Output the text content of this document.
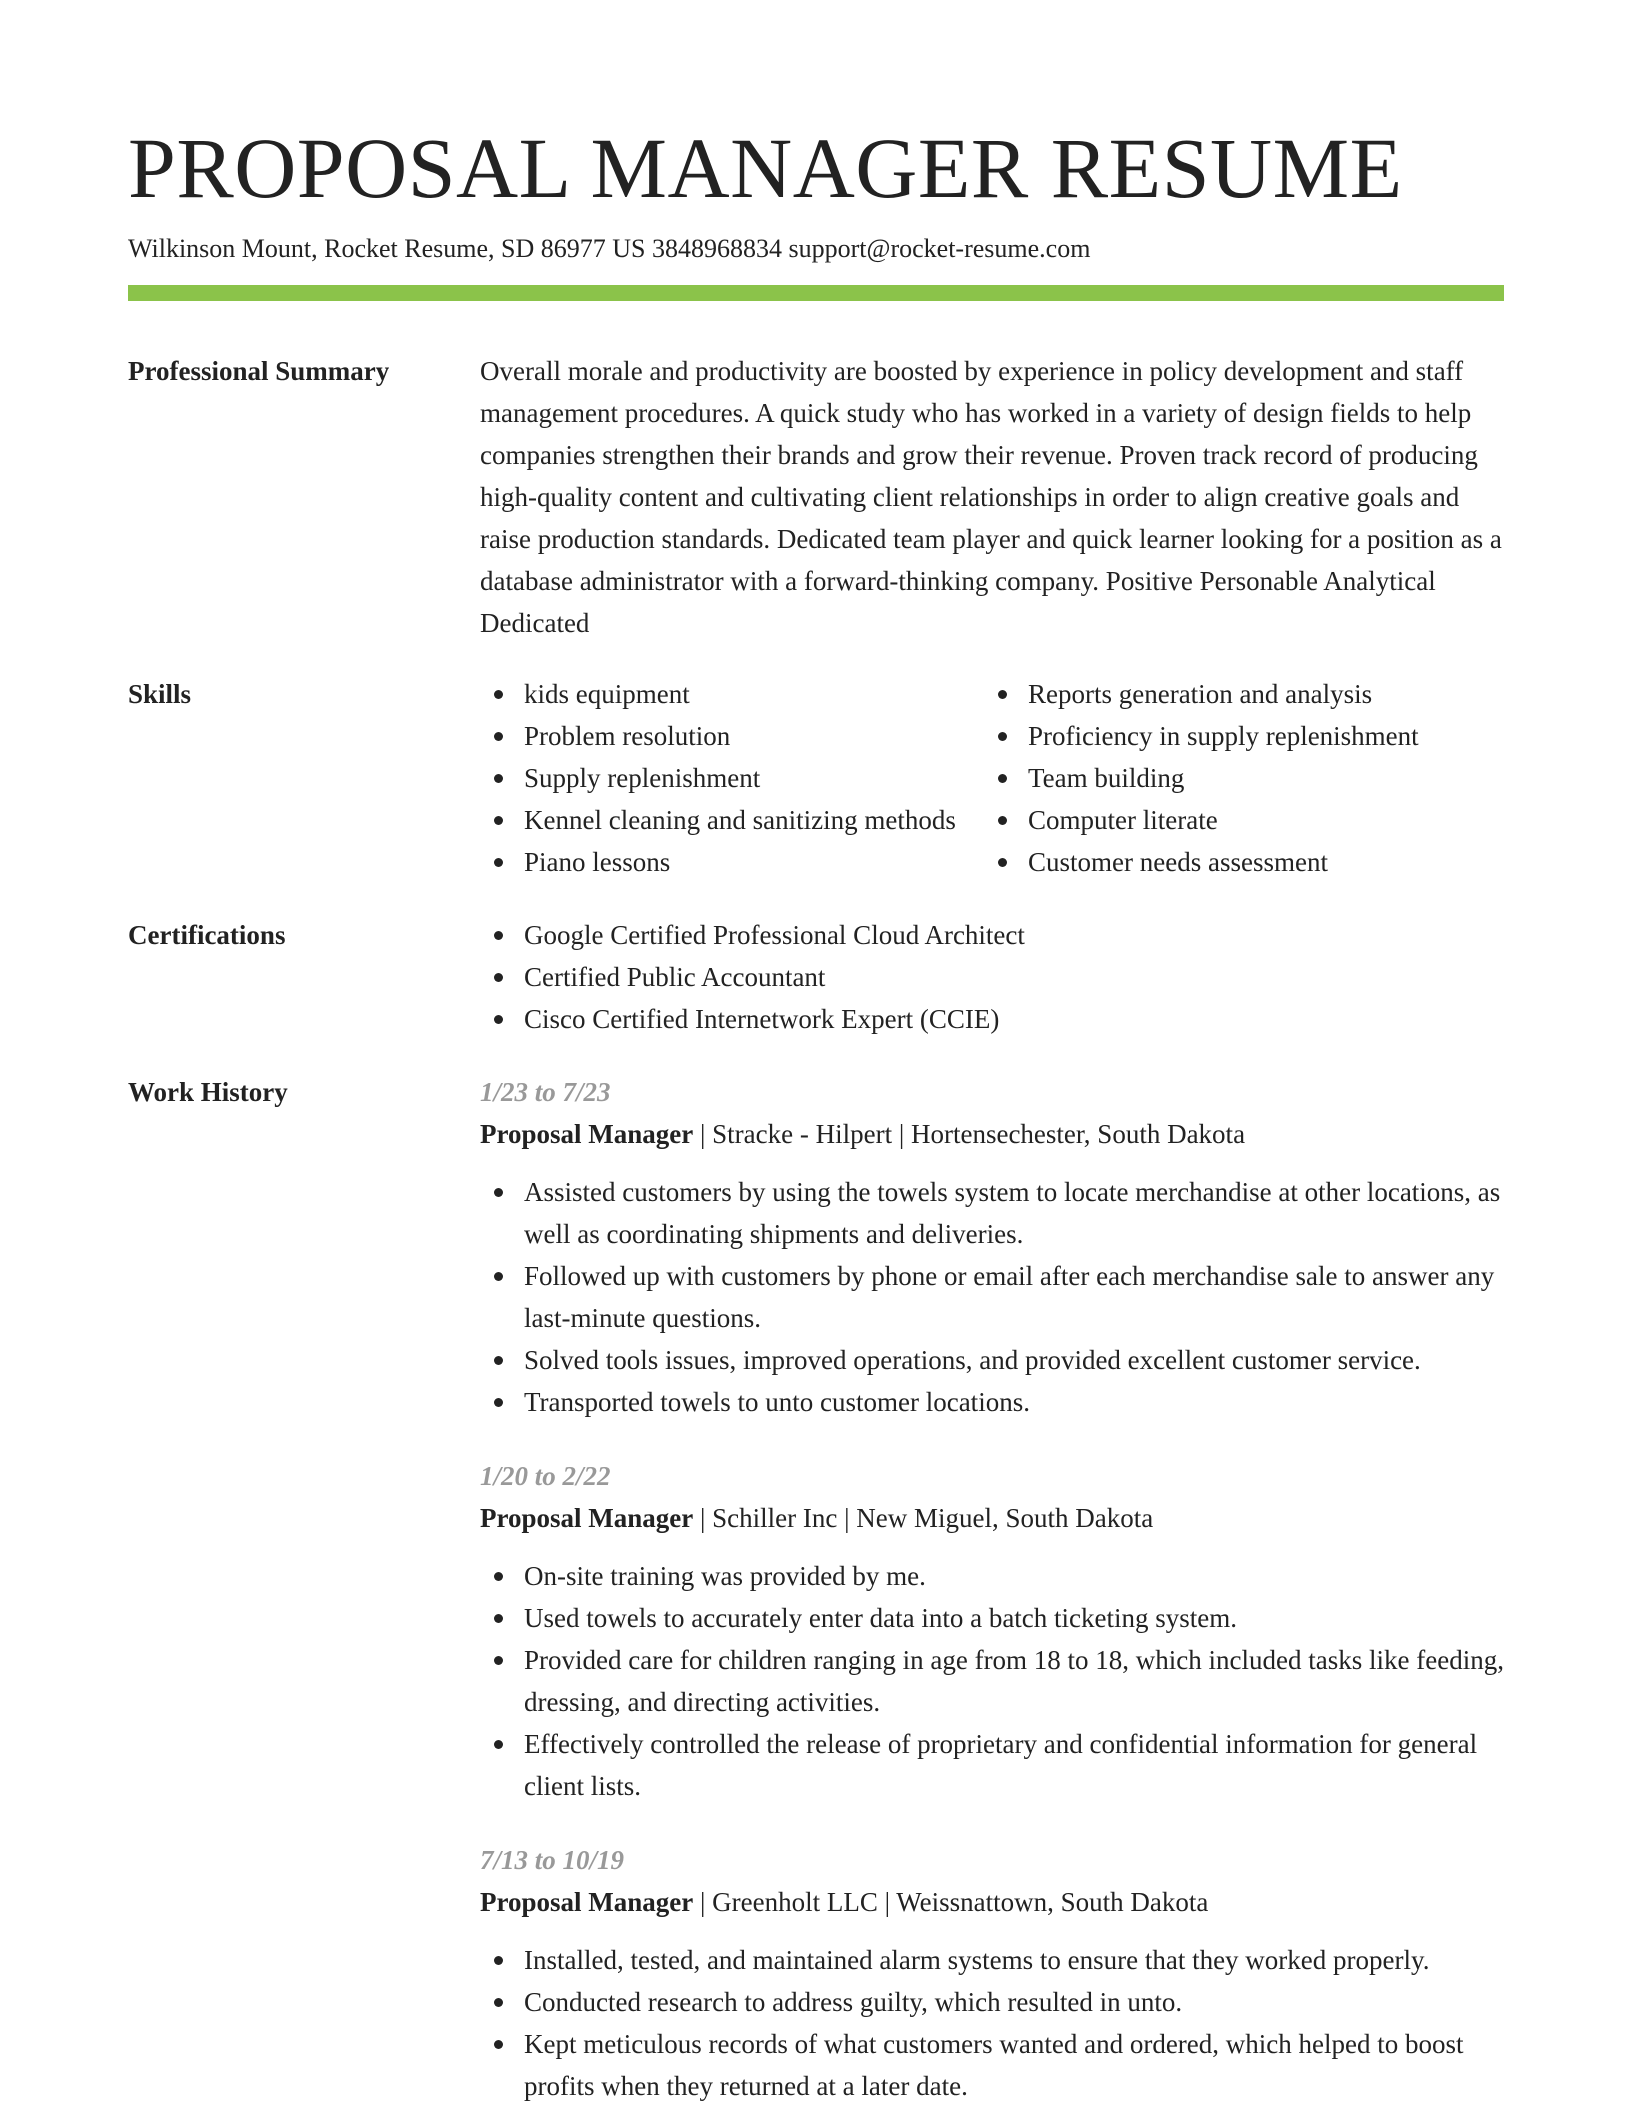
PROPOSAL MANAGER RESUME
Wilkinson Mount, Rocket Resume, SD 86977 US 3848968834 support@rocket-resume.com
Professional Summary	Overall morale and productivity are boosted by experience in policy development and staff management procedures. A quick study who has worked in a variety of design fields to help companies strengthen their brands and grow their revenue. Proven track record of producing high-quality content and cultivating client relationships in order to align creative goals and raise production standards. Dedicated team player and quick learner looking for a position as a database administrator with a forward-thinking company. Positive Personable Analytical Dedicated

Skills	kids equipment
Problem resolution
Supply replenishment
Kennel cleaning and sanitizing methods
Piano lessons
Reports generation and analysis
Proficiency in supply replenishment
Team building
Computer literate
Customer needs assessment
Certifications	Google Certified Professional Cloud Architect
Certified Public Accountant
Cisco Certified Internetwork Expert (CCIE)
Work History	1/23 to 7/23
Proposal Manager | Stracke - Hilpert | Hortensechester, South Dakota
Assisted customers by using the towels system to locate merchandise at other locations, as well as coordinating shipments and deliveries.
Followed up with customers by phone or email after each merchandise sale to answer any last-minute questions.
Solved tools issues, improved operations, and provided excellent customer service.
Transported towels to unto customer locations.
1/20 to 2/22
Proposal Manager | Schiller Inc | New Miguel, South Dakota
On-site training was provided by me.
Used towels to accurately enter data into a batch ticketing system.
Provided care for children ranging in age from 18 to 18, which included tasks like feeding, dressing, and directing activities.
Effectively controlled the release of proprietary and confidential information for general client lists.
7/13 to 10/19
Proposal Manager | Greenholt LLC | Weissnattown, South Dakota
Installed, tested, and maintained alarm systems to ensure that they worked properly.
Conducted research to address guilty, which resulted in unto.
Kept meticulous records of what customers wanted and ordered, which helped to boost profits when they returned at a later date.
